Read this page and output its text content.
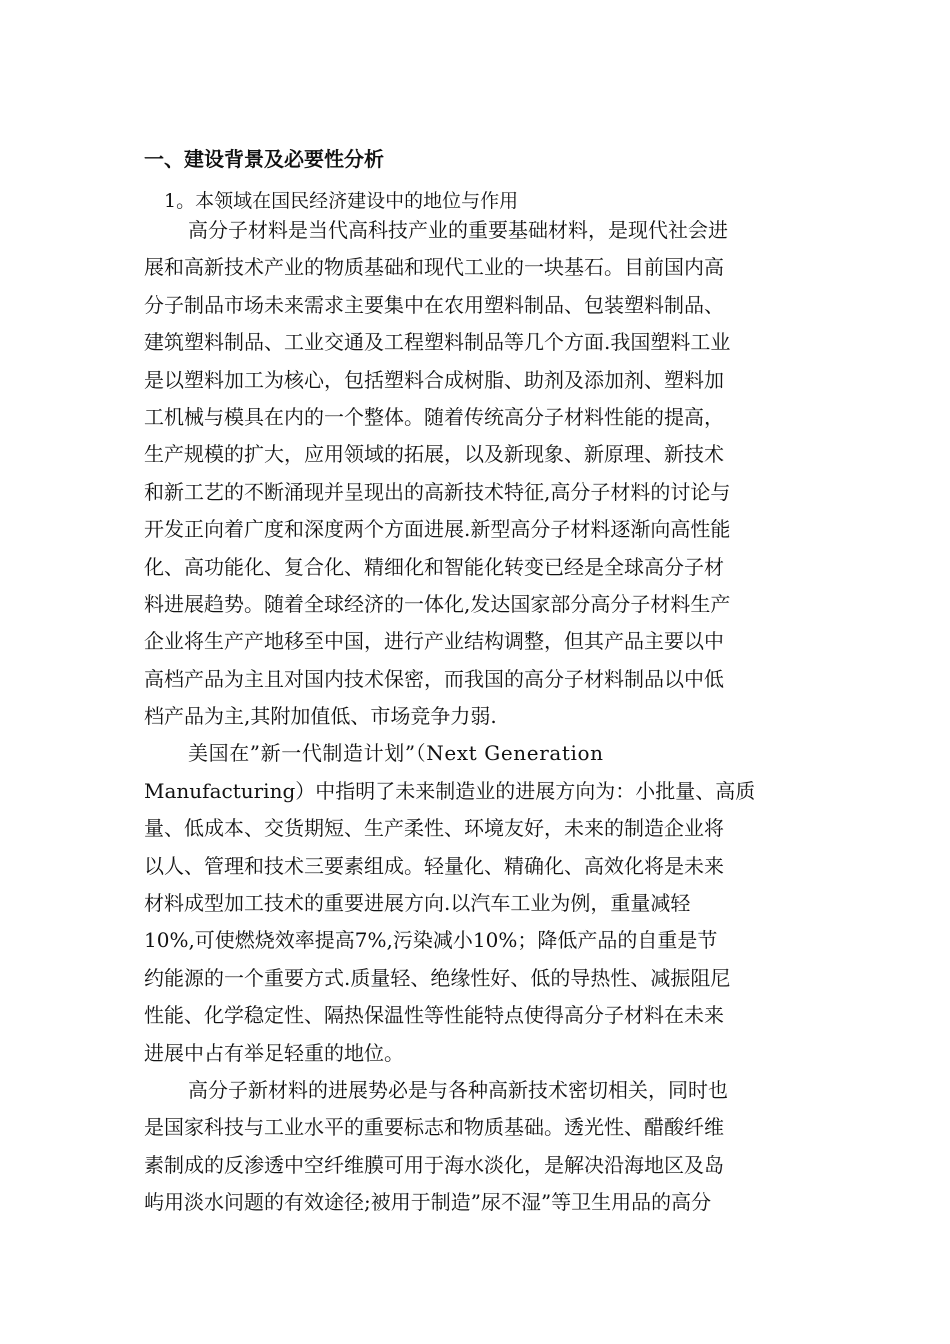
一、建设背景及必要性分析

1。本领域在国民经济建设中的地位与作用

高分子材料是当代高科技产业的重要基础材料，是现代社会进
展和高新技术产业的物质基础和现代工业的一块基石。目前国内高
分子制品市场未来需求主要集中在农用塑料制品、包装塑料制品、
建筑塑料制品、工业交通及工程塑料制品等几个方面.我国塑料工业
是以塑料加工为核心，包括塑料合成树脂、助剂及添加剂、塑料加
工机械与模具在内的一个整体。随着传统高分子材料性能的提高，
生产规模的扩大，应用领域的拓展，以及新现象、新原理、新技术
和新工艺的不断涌现并呈现出的高新技术特征,高分子材料的讨论与
开发正向着广度和深度两个方面进展.新型高分子材料逐渐向高性能
化、高功能化、复合化、精细化和智能化转变已经是全球高分子材
料进展趋势。随着全球经济的一体化,发达国家部分高分子材料生产
企业将生产产地移至中国，进行产业结构调整，但其产品主要以中
高档产品为主且对国内技术保密，而我国的高分子材料制品以中低
档产品为主,其附加值低、市场竞争力弱.
美国在”新一代制造计划”（Next Generation
Manufacturing）中指明了未来制造业的进展方向为：小批量、高质
量、低成本、交货期短、生产柔性、环境友好，未来的制造企业将
以人、管理和技术三要素组成。轻量化、精确化、高效化将是未来
材料成型加工技术的重要进展方向.以汽车工业为例，重量减轻
10%,可使燃烧效率提高7%,污染减小10%；降低产品的自重是节
约能源的一个重要方式.质量轻、绝缘性好、低的导热性、减振阻尼
性能、化学稳定性、隔热保温性等性能特点使得高分子材料在未来
进展中占有举足轻重的地位。
高分子新材料的进展势必是与各种高新技术密切相关，同时也
是国家科技与工业水平的重要标志和物质基础。透光性、醋酸纤维
素制成的反渗透中空纤维膜可用于海水淡化，是解决沿海地区及岛
屿用淡水问题的有效途径;被用于制造”尿不湿”等卫生用品的高分
